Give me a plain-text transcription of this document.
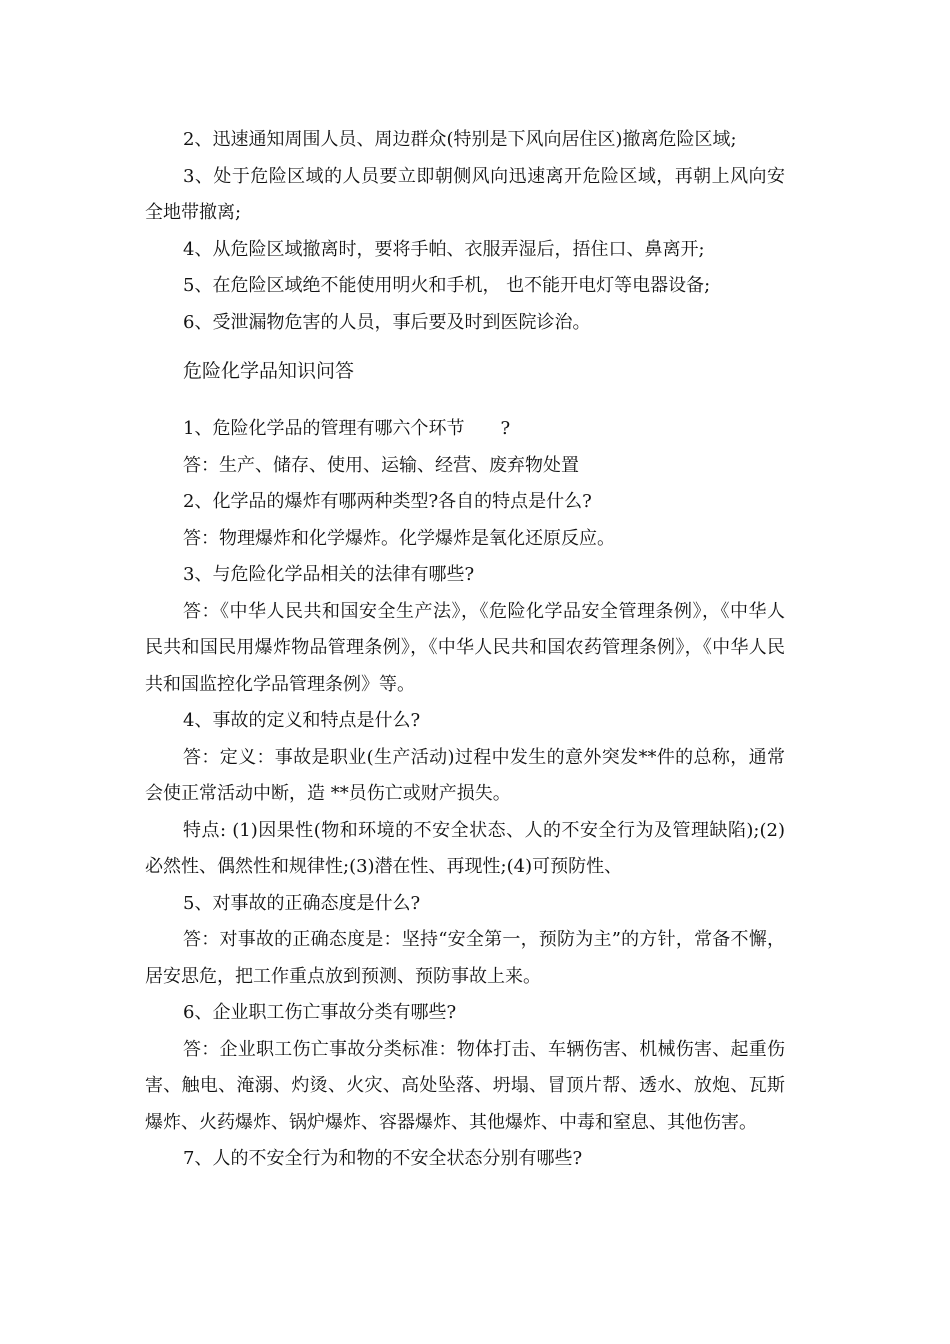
2、迅速通知周围人员、周边群众(特别是下风向居住区)撤离危险区域;

3、处于危险区域的人员要立即朝侧风向迅速离开危险区域，再朝上风向安全地带撤离;

4、从危险区域撤离时，要将手帕、衣服弄湿后，捂住口、鼻离开;

5、在危险区域绝不能使用明火和手机， 也不能开电灯等电器设备;

6、受泄漏物危害的人员，事后要及时到医院诊治。

危险化学品知识问答

1、危险化学品的管理有哪六个环节　　?

答：生产、储存、使用、运输、经营、废弃物处置

2、化学品的爆炸有哪两种类型?各自的特点是什么?

答：物理爆炸和化学爆炸。化学爆炸是氧化还原反应。

3、与危险化学品相关的法律有哪些?

答：《中华人民共和国安全生产法》，《危险化学品安全管理条例》，《中华人民共和国民用爆炸物品管理条例》，《中华人民共和国农药管理条例》，《中华人民共和国监控化学品管理条例》等。

4、事故的定义和特点是什么?

答：定义：事故是职业(生产活动)过程中发生的意外突发**件的总称，通常会使正常活动中断，造 **员伤亡或财产损失。

特点: (1)因果性(物和环境的不安全状态、人的不安全行为及管理缺陷);(2)必然性、偶然性和规律性;(3)潜在性、再现性;(4)可预防性、

5、对事故的正确态度是什么?

答：对事故的正确态度是：坚持“安全第一，预防为主”的方针，常备不懈，居安思危，把工作重点放到预测、预防事故上来。

6、企业职工伤亡事故分类有哪些?

答：企业职工伤亡事故分类标准：物体打击、车辆伤害、机械伤害、起重伤害、触电、淹溺、灼烫、火灾、高处坠落、坍塌、冒顶片帮、透水、放炮、瓦斯爆炸、火药爆炸、锅炉爆炸、容器爆炸、其他爆炸、中毒和窒息、其他伤害。

7、人的不安全行为和物的不安全状态分别有哪些?
